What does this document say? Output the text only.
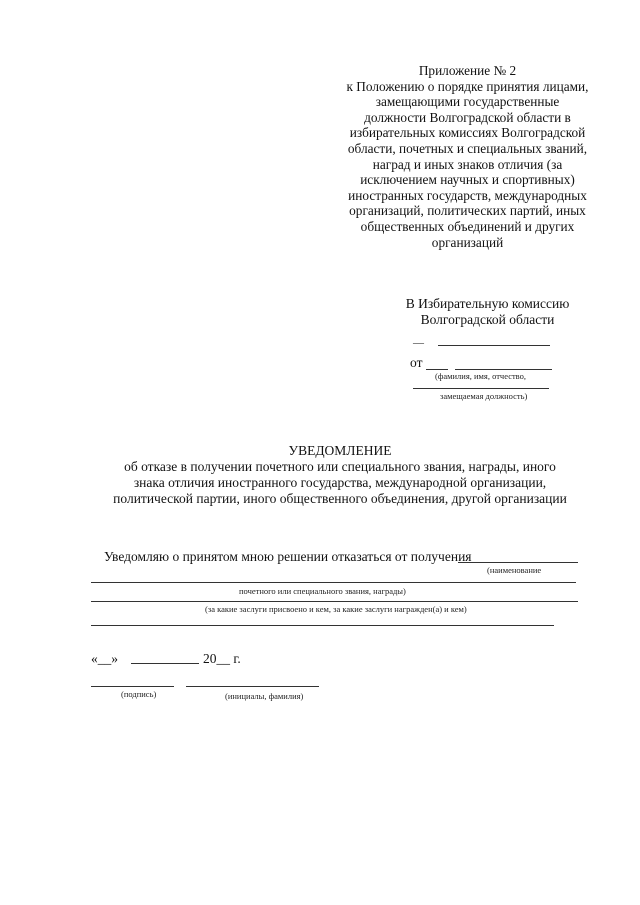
Приложение № 2
к Положению о порядке принятия лицами,
замещающими государственные
должности Волгоградской области в
избирательных комиссиях Волгоградской
области, почетных и специальных званий,
наград и иных знаков отличия (за
исключением научных и спортивных)
иностранных государств, международных
организаций, политических партий, иных
общественных объединений и других
организаций
В Избирательную комиссию
Волгоградской области
—
от
(фамилия, имя, отчество,
замещаемая должность)
УВЕДОМЛЕНИЕ
об отказе в получении почетного или специального звания, награды, иного
знака отличия иностранного государства, международной организации,
политической партии, иного общественного объединения, другой организации
Уведомляю о принятом мною решении отказаться от получения
(наименование
почетного или специального звания, награды)
(за какие заслуги присвоено и кем, за какие заслуги награжден(а) и кем)
«__»	20__ г.
(подпись)	(инициалы, фамилия)
